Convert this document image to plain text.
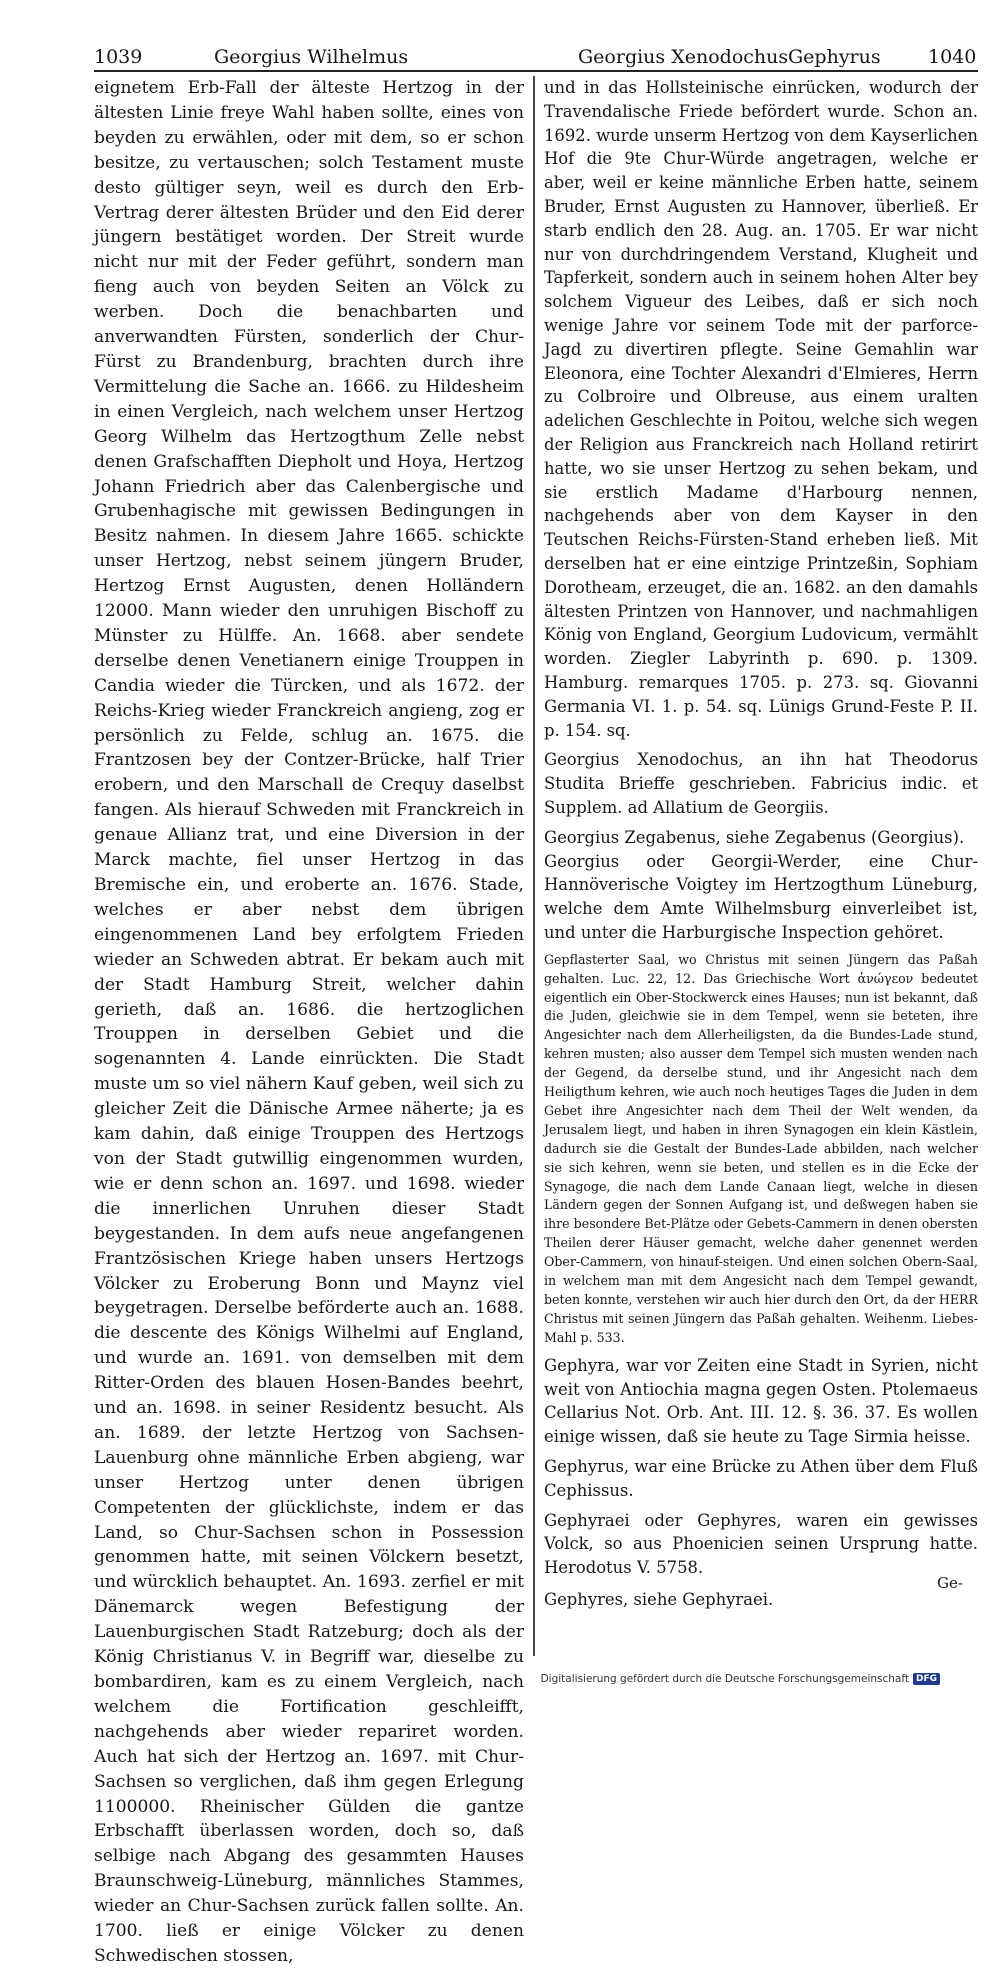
1039	Georgius Wilhelmus	Georgius Xenodochus Gephyrus 1040

eignetem Erb-Fall der älteste Hertzog in der ältesten Linie freye Wahl haben sollte, eines von beyden zu erwählen, oder mit dem, so er schon besitze, zu vertauschen; solch Testament muste desto gültiger seyn, weil es durch den Erb-Vertrag derer ältesten Brüder und den Eid derer jüngern bestätiget worden. Der Streit wurde nicht nur mit der Feder geführt, sondern man fieng auch von beyden Seiten an Völck zu werben. Doch die benachbarten und anverwandten Fürsten, sonderlich der Chur-Fürst zu Brandenburg, brachten durch ihre Vermittelung die Sache an. 1666. zu Hildesheim in einen Vergleich, nach welchem unser Hertzog Georg Wilhelm das Hertzogthum Zelle nebst denen Grafschafften Diepholt und Hoya, Hertzog Johann Friedrich aber das Calenbergische und Grubenhagische mit gewissen Bedingungen in Besitz nahmen. In diesem Jahre 1665. schickte unser Hertzog, nebst seinem jüngern Bruder, Hertzog Ernst Augusten, denen Holländern 12000. Mann wieder den unruhigen Bischoff zu Münster zu Hülffe. An. 1668. aber sendete derselbe denen Venetianern einige Trouppen in Candia wieder die Türcken, und als 1672. der Reichs-Krieg wieder Franckreich angieng, zog er persönlich zu Felde, schlug an. 1675. die Frantzosen bey der Contzer-Brücke, half Trier erobern, und den Marschall de Crequy daselbst fangen. Als hierauf Schweden mit Franckreich in genaue Allianz trat, und eine Diversion in der Marck machte, fiel unser Hertzog in das Bremische ein, und eroberte an. 1676. Stade, welches er aber nebst dem übrigen eingenommenen Land bey erfolgtem Frieden wieder an Schweden abtrat. Er bekam auch mit der Stadt Hamburg Streit, welcher dahin gerieth, daß an. 1686. die hertzoglichen Trouppen in derselben Gebiet und die sogenannten 4. Lande einrückten. Die Stadt muste um so viel nähern Kauf geben, weil sich zu gleicher Zeit die Dänische Armee näherte; ja es kam dahin, daß einige Trouppen des Hertzogs von der Stadt gutwillig eingenommen wurden, wie er denn schon an. 1697. und 1698. wieder die innerlichen Unruhen dieser Stadt beygestanden. In dem aufs neue angefangenen Frantzösischen Kriege haben unsers Hertzogs Völcker zu Eroberung Bonn und Maynz viel beygetragen. Derselbe beförderte auch an. 1688. die descente des Königs Wilhelmi auf England, und wurde an. 1691. von demselben mit dem Ritter-Orden des blauen Hosen-Bandes beehrt, und an. 1698. in seiner Residentz besucht. Als an. 1689. der letzte Hertzog von Sachsen-Lauenburg ohne männliche Erben abgieng, war unser Hertzog unter denen übrigen Competenten der glücklichste, indem er das Land, so Chur-Sachsen schon in Possession genommen hatte, mit seinen Völckern besetzt, und würcklich behauptet. An. 1693. zerfiel er mit Dänemarck wegen Befestigung der Lauenburgischen Stadt Ratzeburg; doch als der König Christianus V. in Begriff war, dieselbe zu bombardiren, kam es zu einem Vergleich, nach welchem die Fortification geschleifft, nachgehends aber wieder repariret worden. Auch hat sich der Hertzog an. 1697. mit Chur-Sachsen so verglichen, daß ihm gegen Erlegung 1100000. Rheinischer Gülden die gantze Erbschafft überlassen worden, doch so, daß selbige nach Abgang des gesammten Hauses Braunschweig-Lüneburg, männliches Stammes, wieder an Chur-Sachsen zurück fallen sollte. An. 1700. ließ er einige Völcker zu denen Schwedischen stossen,

und in das Hollsteinische einrücken, wodurch der Travendalische Friede befördert wurde. Schon an. 1692. wurde unserm Hertzog von dem Kayserlichen Hof die 9te Chur-Würde angetragen, welche er aber, weil er keine männliche Erben hatte, seinem Bruder, Ernst Augusten zu Hannover, überließ. Er starb endlich den 28. Aug. an. 1705. Er war nicht nur von durchdringendem Verstand, Klugheit und Tapferkeit, sondern auch in seinem hohen Alter bey solchem Vigueur des Leibes, daß er sich noch wenige Jahre vor seinem Tode mit der parforce-Jagd zu divertiren pflegte. Seine Gemahlin war Eleonora, eine Tochter Alexandri d'Elmieres, Herrn zu Colbroire und Olbreuse, aus einem uralten adelichen Geschlechte in Poitou, welche sich wegen der Religion aus Franckreich nach Holland retirirt hatte, wo sie unser Hertzog zu sehen bekam, und sie erstlich Madame d'Harbourg nennen, nachgehends aber von dem Kayser in den Teutschen Reichs-Fürsten-Stand erheben ließ. Mit derselben hat er eine eintzige Printzeßin, Sophiam Dorotheam, erzeuget, die an. 1682. an den damahls ältesten Printzen von Hannover, und nachmahligen König von England, Georgium Ludovicum, vermählt worden. Ziegler Labyrinth p. 690. p. 1309. Hamburg. remarques 1705. p. 273. sq. Giovanni Germania VI. 1. p. 54. sq. Lünigs Grund-Feste P. II. p. 154. sq.

Georgius Xenodochus, an ihn hat Theodorus Studita Brieffe geschrieben. Fabricius indic. et Supplem. ad Allatium de Georgiis.

Georgius Zegabenus, siehe Zegabenus (Georgius).

Georgius oder Georgii-Werder, eine Chur-Hannöverische Voigtey im Hertzogthum Lüneburg, welche dem Amte Wilhelmsburg einverleibet ist, und unter die Harburgische Inspection gehöret.

Gepflasterter Saal, wo Christus mit seinen Jüngern das Paßah gehalten. Luc. 22, 12. Das Griechische Wort ἀνώγεον bedeutet eigentlich ein Ober-Stockwerck eines Hauses; nun ist bekannt, daß die Juden, gleichwie sie in dem Tempel, wenn sie beteten, ihre Angesichter nach dem Allerheiligsten, da die Bundes-Lade stund, kehren musten; also ausser dem Tempel sich musten wenden nach der Gegend, da derselbe stund, und ihr Angesicht nach dem Heiligthum kehren, wie auch noch heutiges Tages die Juden in dem Gebet ihre Angesichter nach dem Theil der Welt wenden, da Jerusalem liegt, und haben in ihren Synagogen ein klein Kästlein, dadurch sie die Gestalt der Bundes-Lade abbilden, nach welcher sie sich kehren, wenn sie beten, und stellen es in die Ecke der Synagoge, die nach dem Lande Canaan liegt, welche in diesen Ländern gegen der Sonnen Aufgang ist, und deßwegen haben sie ihre besondere Bet-Plätze oder Gebets-Cammern in denen obersten Theilen derer Häuser gemacht, welche daher genennet werden Ober-Cammern, von hinauf-steigen. Und einen solchen Obern-Saal, in welchem man mit dem Angesicht nach dem Tempel gewandt, beten konnte, verstehen wir auch hier durch den Ort, da der HERR Christus mit seinen Jüngern das Paßah gehalten. Weihenm. Liebes-Mahl p. 533.

Gephyra, war vor Zeiten eine Stadt in Syrien, nicht weit von Antiochia magna gegen Osten. Ptolemaeus Cellarius Not. Orb. Ant. III. 12. §. 36. 37. Es wollen einige wissen, daß sie heute zu Tage Sirmia heisse.

Gephyrus, war eine Brücke zu Athen über dem Fluß Cephissus.

Gephyraei oder Gephyres, waren ein gewisses Volck, so aus Phoenicien seinen Ursprung hatte. Herodotus V. 5758.

Gephyres, siehe Gephyraei.

Ge-
Digitalisierung gefördert durch die Deutsche Forschungsgemeinschaft DFG
